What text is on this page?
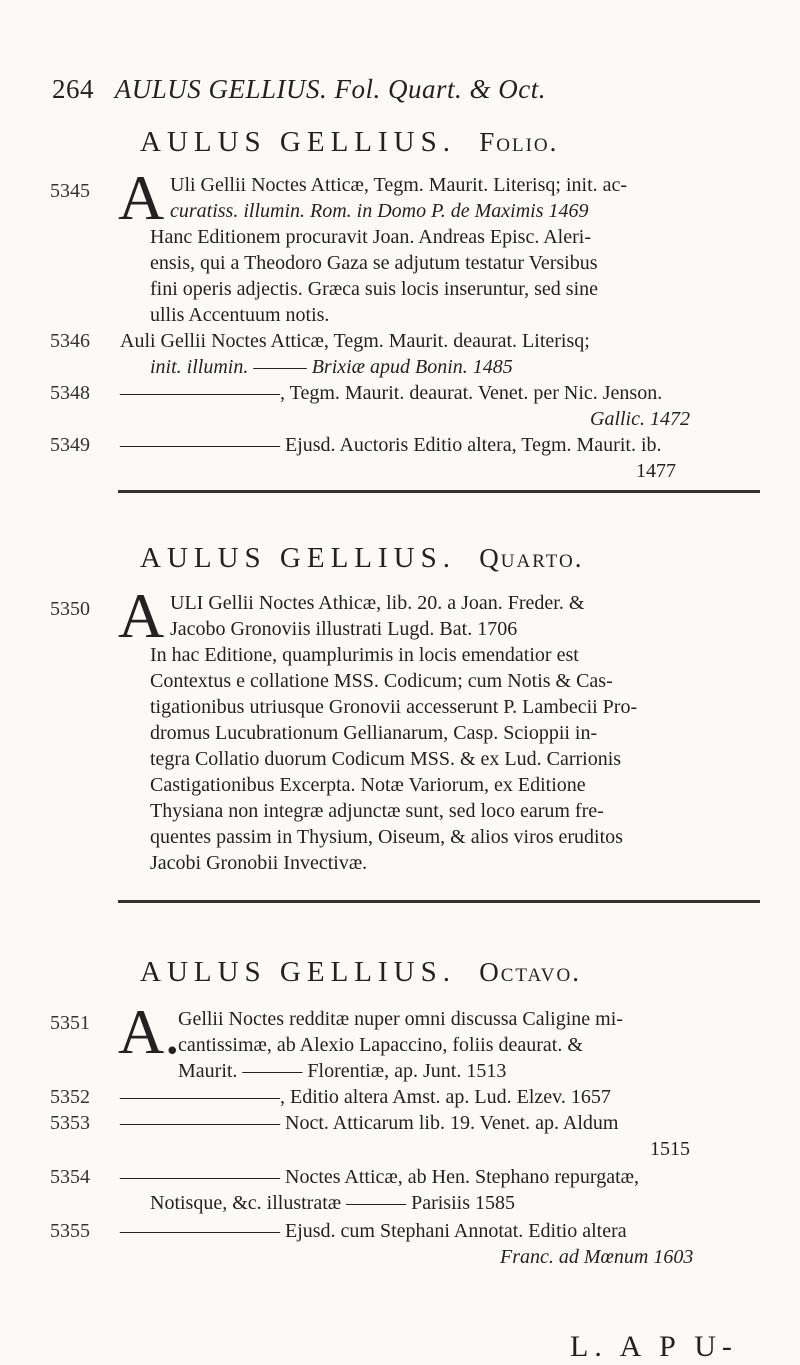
264 AULUS GELLIUS. Fol. Quart. & Oct.
AULUS GELLIUS. Folio.
5345 A Uli Gellii Noctes Atticæ, Tegm. Maurit. Literisq; init. ac-
curatiss. illumin. Rom. in Domo P. de Maximis 1469
Hanc Editionem procuravit Joan. Andreas Episc. Aleri-
ensis, qui a Theodoro Gaza se adjutum testatur Versibus
fini operis adjectis. Græca suis locis inseruntur, sed sine
ullis Accentuum notis.
5346	Auli Gellii Noctes Atticæ, Tegm. Maurit. deaurat. Literisq;
init. illumin. ——— Brixiæ apud Bonin. 1485
5348	————————, Tegm. Maurit. deaurat. Venet. per Nic. Jenson.
Gallic. 1472
5349	———————— Ejusd. Auctoris Editio altera, Tegm. Maurit. ib.
1477
AULUS GELLIUS. Quarto.
5350 A ULI Gellii Noctes Athicæ, lib. 20. a Joan. Freder. &
Jacobo Gronoviis illustrati Lugd. Bat. 1706
In hac Editione, quamplurimis in locis emendatior est
Contextus e collatione MSS. Codicum; cum Notis & Cas-
tigationibus utriusque Gronovii accesserunt P. Lambecii Pro-
dromus Lucubrationum Gellianarum, Casp. Scioppii in-
tegra Collatio duorum Codicum MSS. & ex Lud. Carrionis
Castigationibus Excerpta. Notæ Variorum, ex Editione
Thysiana non integræ adjunctæ sunt, sed loco earum fre-
quentes passim in Thysium, Oiseum, & alios viros eruditos
Jacobi Gronobii Invectivæ.
AULUS GELLIUS. Octavo.
5351 A.
Gellii Noctes redditæ nuper omni discussa Caligine mi-
cantissimæ, ab Alexio Lapaccino, foliis deaurat. &
Maurit. ——— Florentiæ, ap. Junt. 1513
5352	————————, Editio altera Amst. ap. Lud. Elzev. 1657
5353	———————— Noct. Atticarum lib. 19. Venet. ap. Aldum
1515
5354	———————— Noctes Atticæ, ab Hen. Stephano repurgatæ,
Notisque, &c. illustratæ ——— Parisiis 1585
5355	———————— Ejusd. cum Stephani Annotat. Editio altera
Franc. ad Mœnum 1603
L. A P U-
